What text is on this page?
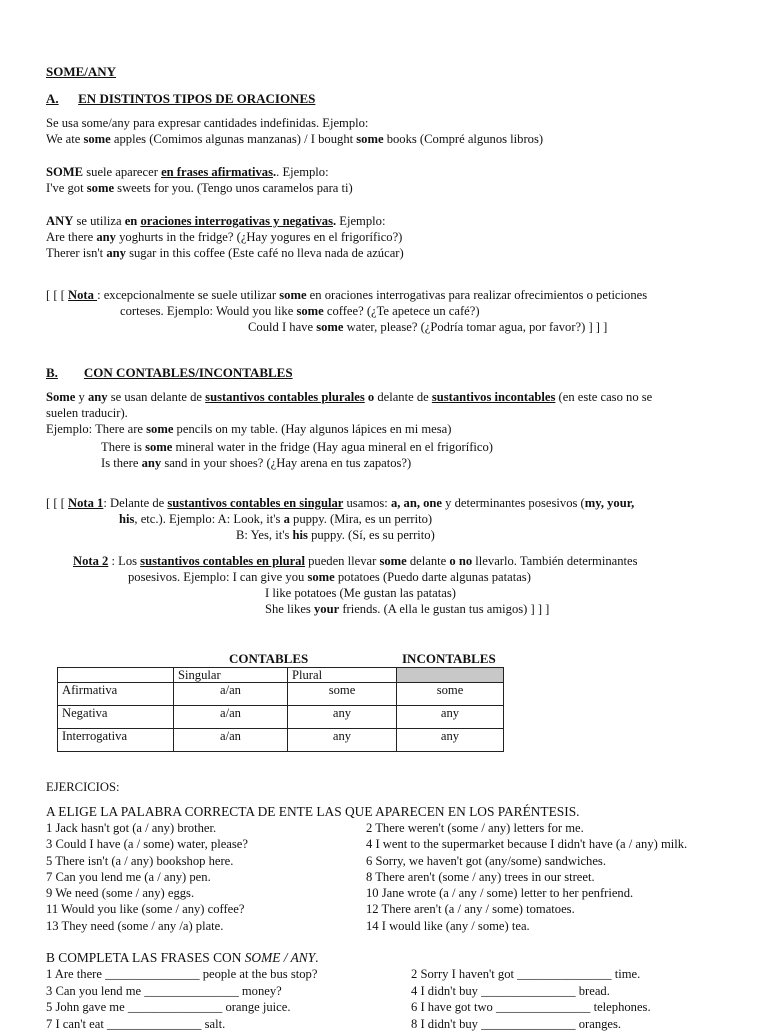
SOME/ANY
A. EN DISTINTOS TIPOS DE ORACIONES
Se usa some/any para expresar cantidades indefinidas. Ejemplo:
We ate some apples (Comimos algunas manzanas) / I bought some books (Compré algunos libros)
SOME suele aparecer en frases afirmativas.. Ejemplo:
I've got some sweets for you. (Tengo unos caramelos para ti)
ANY se utiliza en oraciones interrogativas y negativas. Ejemplo:
Are there any yoghurts in the fridge? (¿Hay yogures en el frigorífico?)
Therer isn't any sugar in this coffee (Este café no lleva nada de azúcar)
[ [ [ Nota : excepcionalmente se suele utilizar some en oraciones interrogativas para realizar ofrecimientos o peticiones
corteses. Ejemplo: Would you like some coffee? (¿Te apetece un café?)
Could I have some water, please? (¿Podría tomar agua, por favor?) ] ] ]
B. CON CONTABLES/INCONTABLES
Some y any se usan delante de sustantivos contables plurales o delante de sustantivos incontables (en este caso no se
suelen traducir).
Ejemplo: There are some pencils on my table. (Hay algunos lápices en mi mesa)
There is some mineral water in the fridge (Hay agua mineral en el frigorífico)
Is there any sand in your shoes? (¿Hay arena en tus zapatos?)
[ [ [ Nota 1: Delante de sustantivos contables en singular usamos: a, an, one y determinantes posesivos (my, your,
his, etc.). Ejemplo: A: Look, it's a puppy. (Mira, es un perrito)
B: Yes, it's his puppy. (Sí, es su perrito)
Nota 2 : Los sustantivos contables en plural pueden llevar some delante o no llevarlo. También determinantes
posesivos. Ejemplo: I can give you some potatoes (Puedo darte algunas patatas)
I like potatoes (Me gustan las patatas)
She likes your friends. (A ella le gustan tus amigos) ] ] ]
CONTABLES	INCONTABLES
	Singular	Plural	
Afirmativa	a/an	some	some
Negativa	a/an	any	any
Interrogativa	a/an	any	any
EJERCICIOS:
A ELIGE LA PALABRA CORRECTA DE ENTE LAS QUE APARECEN EN LOS PARÉNTESIS.
1 Jack hasn't got (a / any) brother.
3 Could I have (a / some) water, please?
5 There isn't (a / any) bookshop here.
7 Can you lend me (a / any) pen.
9 We need (some / any) eggs.
11 Would you like (some / any) coffee?
13 They need (some / any /a) plate.
2 There weren't (some / any) letters for me.
4 I went to the supermarket because I didn't have (a / any) milk.
6 Sorry, we haven't got (any/some) sandwiches.
8 There aren't (some / any) trees in our street.
10 Jane wrote (a / any / some) letter to her penfriend.
12 There aren't (a / any / some) tomatoes.
14 I would like (any / some) tea.
B COMPLETA LAS FRASES CON SOME / ANY.
1 Are there _______________ people at the bus stop?
3 Can you lend me _______________ money?
5 John gave me _______________ orange juice.
7 I can't eat _______________ salt.
2 Sorry I haven't got _______________ time.
4 I didn't buy _______________ bread.
6 I have got two _______________ telephones.
8 I didn't buy _______________ oranges.
